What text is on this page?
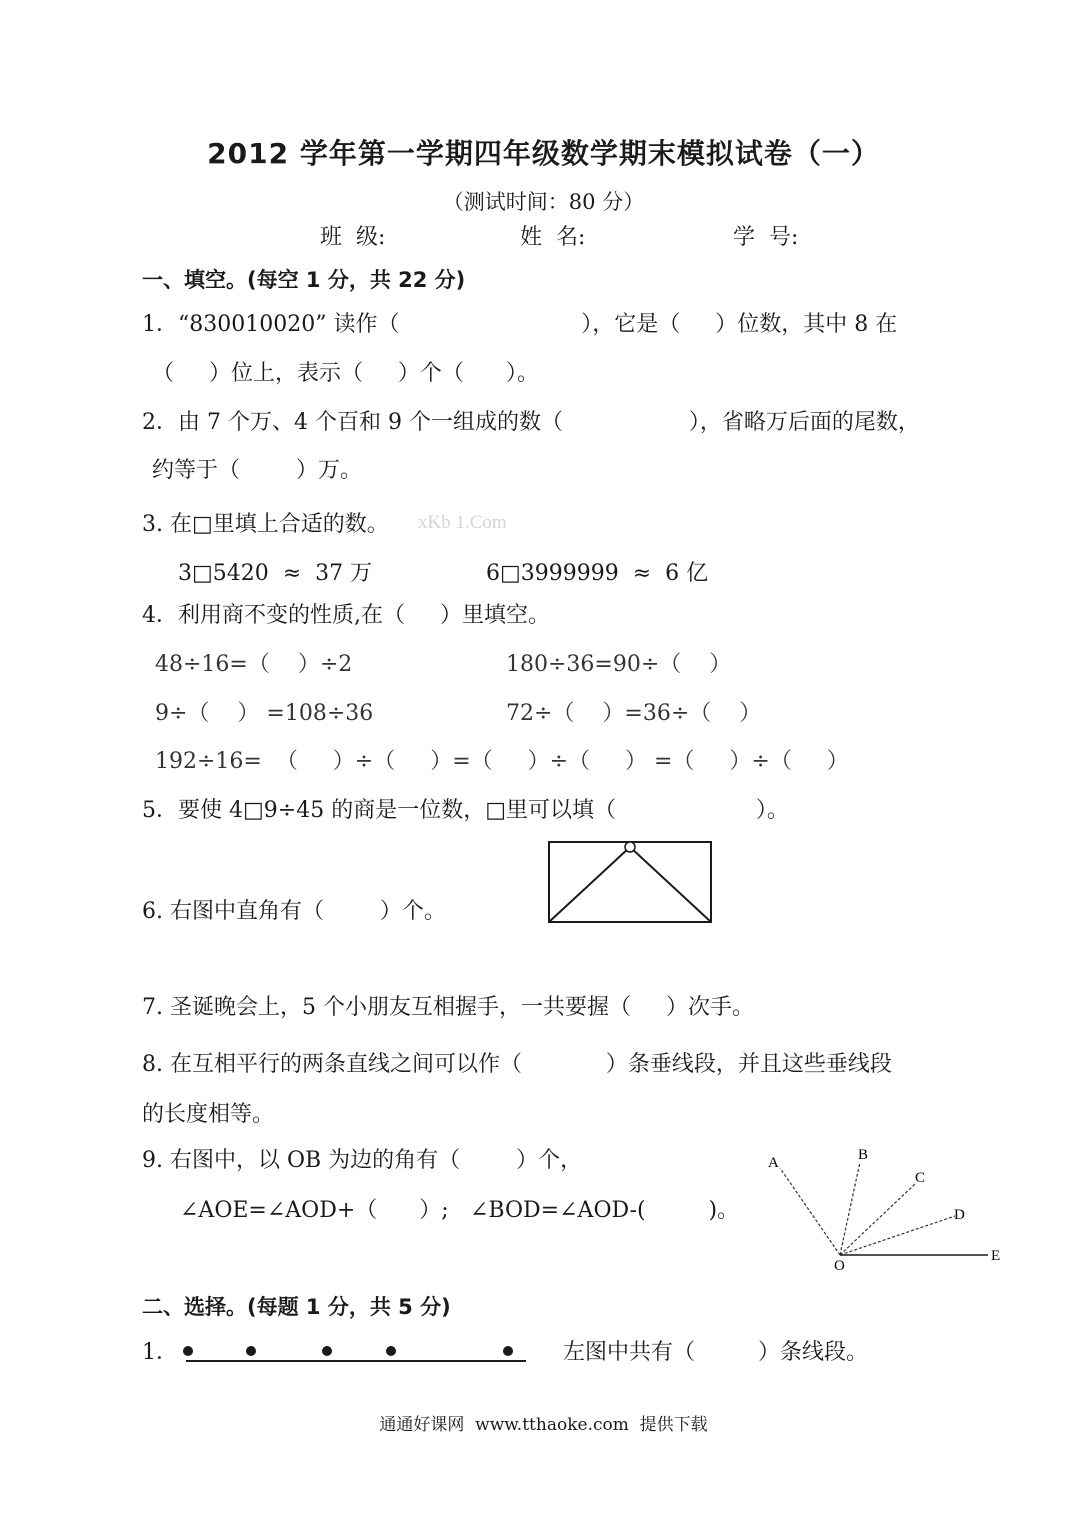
2012 学年第一学期四年级数学期末模拟试卷（一）
（测试时间：80 分）
班  级:	姓  名:	学  号:
一、填空。(每空 1 分，共 22 分)
1．“830010020” 读作（                          ），它是（     ）位数，其中 8 在
（     ）位上，表示（     ）个（      ）。
2．由 7 个万、4 个百和 9 个一组成的数（                  ），省略万后面的尾数，
约等于（        ）万。
3. 在□里填上合适的数。 xKb 1.Com
3□5420  ≈  37 万	6□3999999  ≈  6 亿
4．利用商不变的性质,在（     ）里填空。
48÷16=（    ）÷2	180÷36=90÷（    ）
9÷（    ） =108÷36	72÷（    ）=36÷（    ）
192÷16=  （     ）÷（     ）=（     ）÷（     ） =（     ）÷（     ）
5．要使 4□9÷45 的商是一位数，□里可以填（                    ）。
6. 右图中直角有（        ）个。
7. 圣诞晚会上，5 个小朋友互相握手，一共要握（     ）次手。
8. 在互相平行的两条直线之间可以作（            ）条垂线段，并且这些垂线段
的长度相等。
9. 右图中，以 OB 为边的角有（        ）个，
∠AOE=∠AOD+（      ）; ∠BOD=∠AOD-(         )。
A	B
C
D
E
O
二、选择。(每题 1 分，共 5 分)
1．	左图中共有（         ）条线段。
通通好课网  www.tthaoke.com  提供下载
